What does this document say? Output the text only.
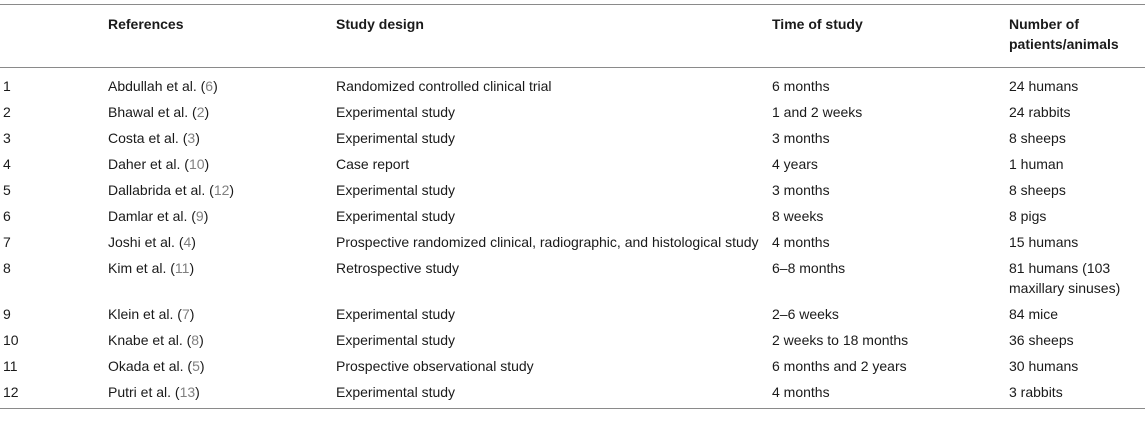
	References	Study design	Time of study	Number of patients/animals
1	Abdullah et al. (6)	Randomized controlled clinical trial	6 months	24 humans
2	Bhawal et al. (2)	Experimental study	1 and 2 weeks	24 rabbits
3	Costa et al. (3)	Experimental study	3 months	8 sheeps
4	Daher et al. (10)	Case report	4 years	1 human
5	Dallabrida et al. (12)	Experimental study	3 months	8 sheeps
6	Damlar et al. (9)	Experimental study	8 weeks	8 pigs
7	Joshi et al. (4)	Prospective randomized clinical, radiographic, and histological study	4 months	15 humans
8	Kim et al. (11)	Retrospective study	6–8 months	81 humans (103 maxillary sinuses)
9	Klein et al. (7)	Experimental study	2–6 weeks	84 mice
10	Knabe et al. (8)	Experimental study	2 weeks to 18 months	36 sheeps
11	Okada et al. (5)	Prospective observational study	6 months and 2 years	30 humans
12	Putri et al. (13)	Experimental study	4 months	3 rabbits
